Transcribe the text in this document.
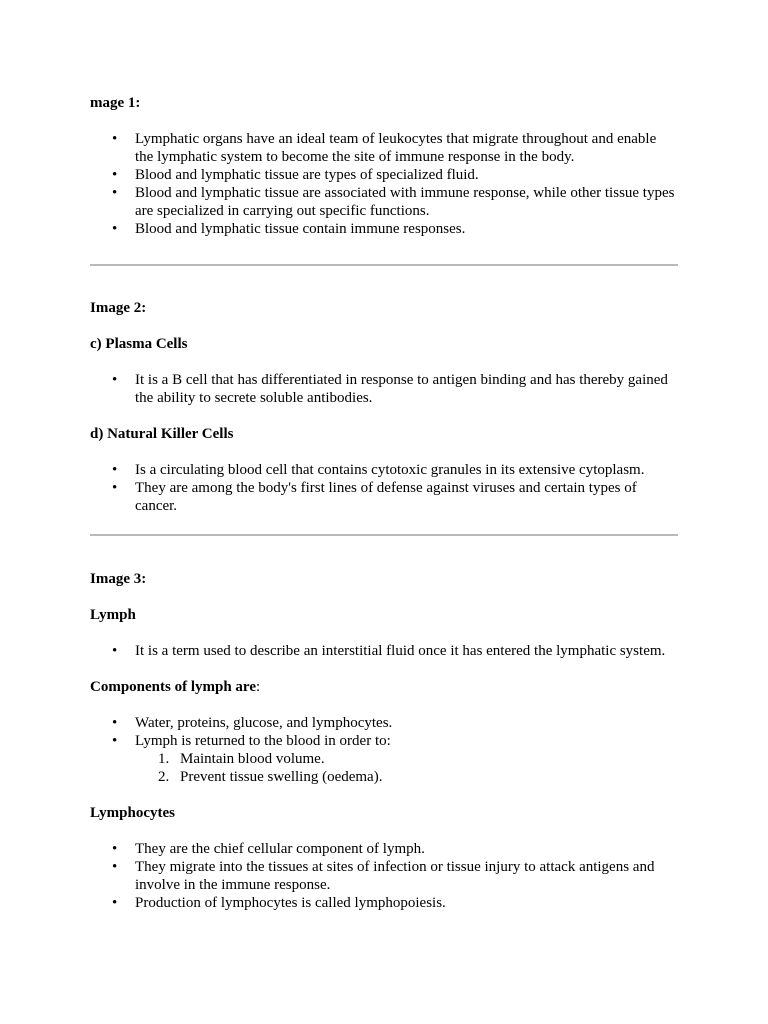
mage 1:

• Lymphatic organs have an ideal team of leukocytes that migrate throughout and enable the lymphatic system to become the site of immune response in the body.
• Blood and lymphatic tissue are types of specialized fluid.
• Blood and lymphatic tissue are associated with immune response, while other tissue types are specialized in carrying out specific functions.
• Blood and lymphatic tissue contain immune responses.

Image 2:

c) Plasma Cells

• It is a B cell that has differentiated in response to antigen binding and has thereby gained the ability to secrete soluble antibodies.

d) Natural Killer Cells

• Is a circulating blood cell that contains cytotoxic granules in its extensive cytoplasm.
• They are among the body's first lines of defense against viruses and certain types of cancer.

Image 3:

Lymph

• It is a term used to describe an interstitial fluid once it has entered the lymphatic system.

Components of lymph are:

• Water, proteins, glucose, and lymphocytes.
• Lymph is returned to the blood in order to:
1. Maintain blood volume.
2. Prevent tissue swelling (oedema).

Lymphocytes

• They are the chief cellular component of lymph.
• They migrate into the tissues at sites of infection or tissue injury to attack antigens and involve in the immune response.
• Production of lymphocytes is called lymphopoiesis.
